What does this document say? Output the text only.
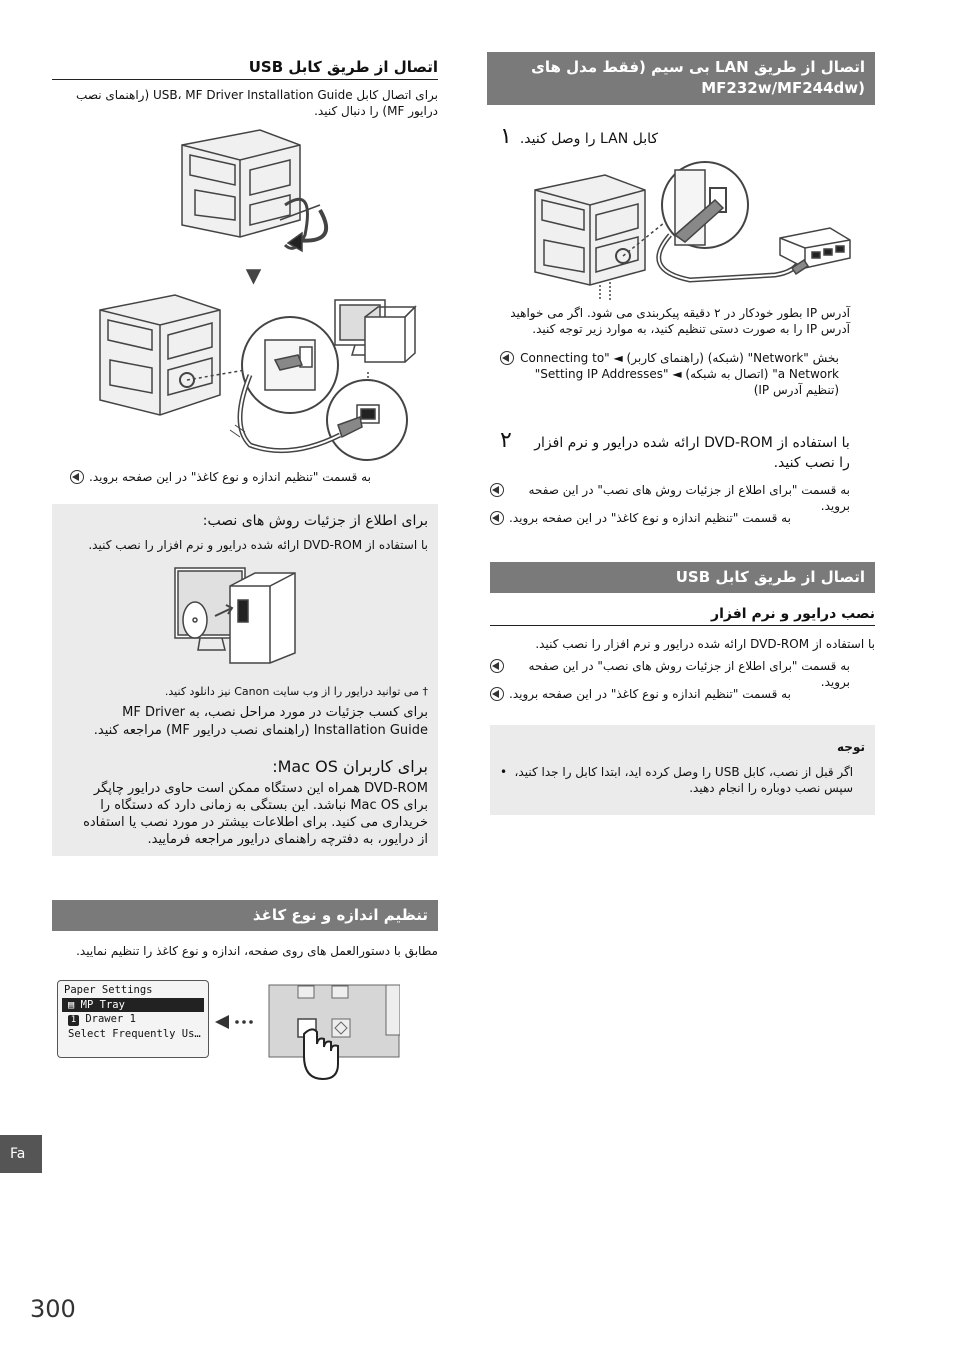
اتصال از طریق کابل USB
برای اتصال کابل USB، MF Driver Installation Guide (راهنمای نصب درایور MF) را دنبال کنید.
به قسمت "تنظیم اندازه و نوع کاغذ" در این صفحه بروید.
برای اطلاع از جزئیات روش های نصب:
با استفاده از DVD-ROM ارائه شده درایور و نرم افزار را نصب کنید.
† می توانید درایور را از وب سایت Canon نیز دانلود کنید.
برای کسب جزئیات در مورد مراحل نصب، به MF Driver Installation Guide (راهنمای نصب درایور MF) مراجعه کنید.
برای کاربران Mac OS:
DVD-ROM همراه این دستگاه ممکن است حاوی درایور چاپگر برای Mac OS نباشد. این بستگی به زمانی دارد که دستگاه را خریداری می کنید. برای اطلاعات بیشتر در مورد نصب یا استفاده از درایور، به دفترچه راهنمای درایور مراجعه فرمایید.
تنظیم اندازه و نوع کاغذ
مطابق با دستورالعمل های روی صفحه، اندازه و نوع کاغذ را تنظیم نمایید.
Paper Settings
▤ MP Tray
1 Drawer 1
Select Frequently Us…
Fa
300
اتصال از طریق LAN بی سیم (فقط مدل های (MF232w/MF244dw
١ کابل LAN را وصل کنید.
آدرس IP بطور خودکار در ۲ دقیقه پیکربندی می شود. اگر می خواهید آدرس IP را به صورت دستی تنظیم کنید، به موارد زیر توجه کنید.
بخش "Network" (شبکه) (راهنمای کاربر) ◄ "Connecting to a Network" (اتصال به شبکه) ◄ "Setting IP Addresses" (تنظیم آدرس IP)
٢	با استفاده از DVD-ROM ارائه شده درایور و نرم افزار را نصب کنید.
به قسمت "برای اطلاع از جزئیات روش های نصب" در این صفحه بروید.
به قسمت "تنظیم اندازه و نوع کاغذ" در این صفحه بروید.
اتصال از طریق کابل USB
نصب درایور و نرم افزار
با استفاده از DVD-ROM ارائه شده درایور و نرم افزار را نصب کنید.
به قسمت "برای اطلاع از جزئیات روش های نصب" در این صفحه بروید.
به قسمت "تنظیم اندازه و نوع کاغذ" در این صفحه بروید.
توجه
• اگر قبل از نصب، کابل USB را وصل کرده اید، ابتدا کابل را جدا کنید، سپس نصب دوباره را انجام دهید.
